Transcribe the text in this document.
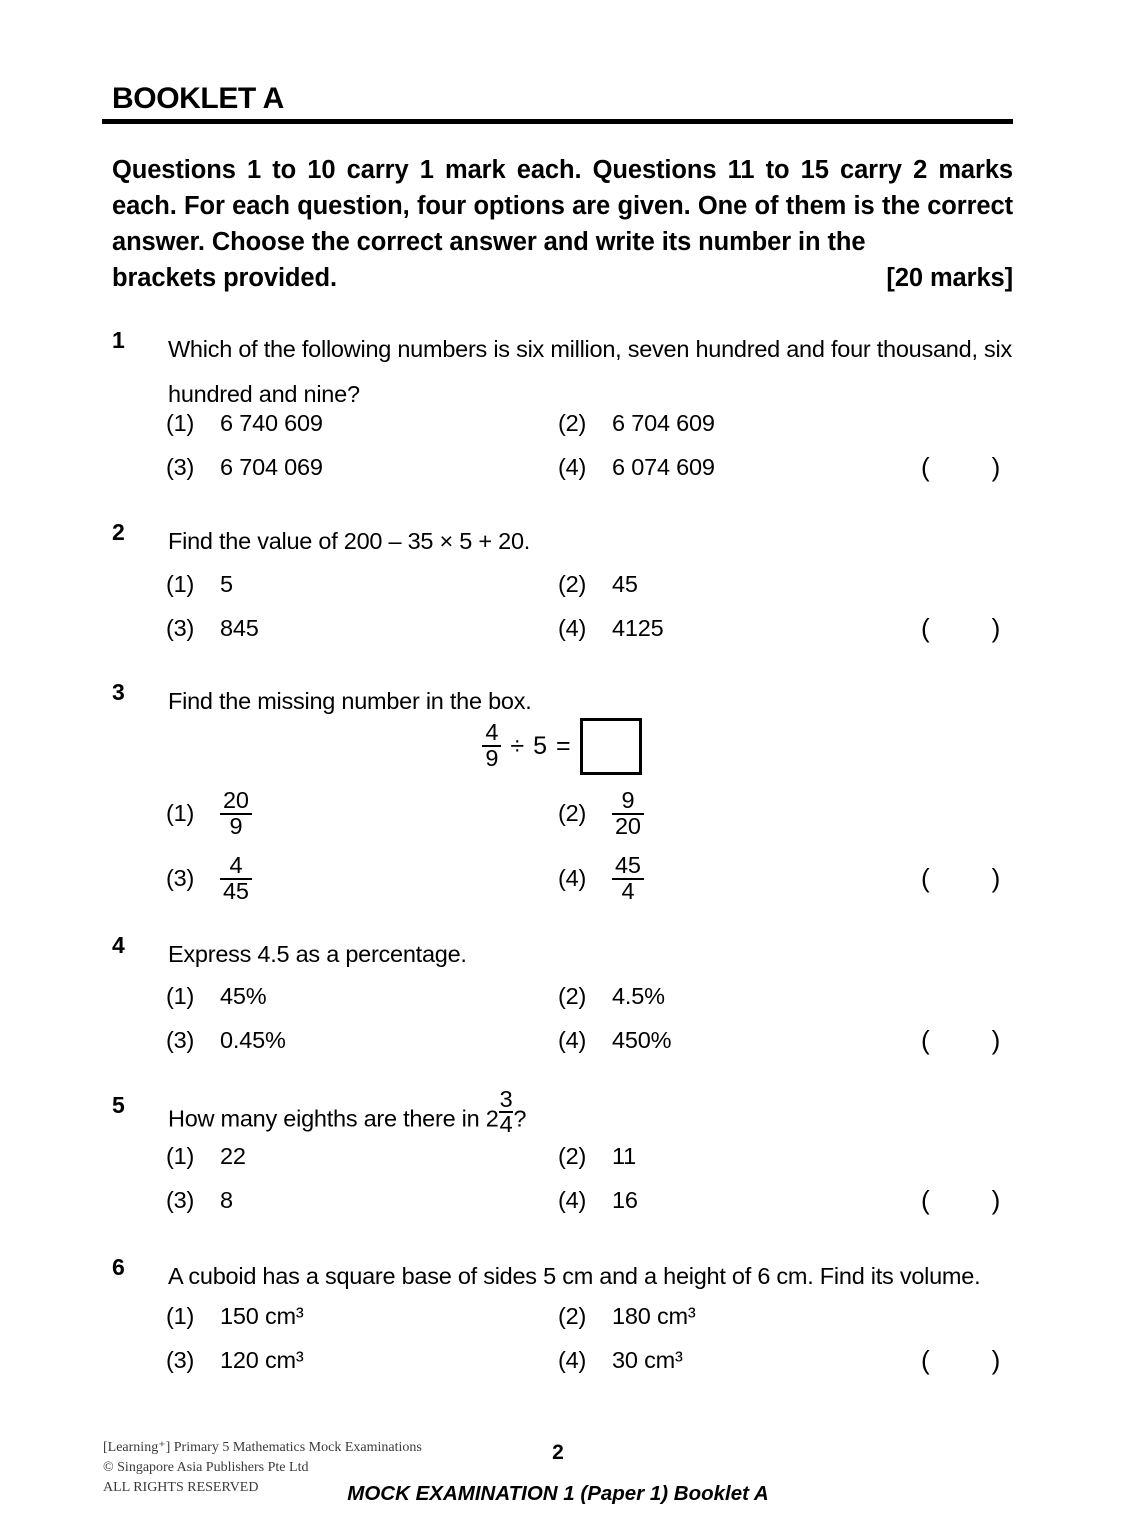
BOOKLET A
Questions 1 to 10 carry 1 mark each. Questions 11 to 15 carry 2 marks each. For each question, four options are given. One of them is the correct answer. Choose the correct answer and write its number in the
[20 marks]
brackets provided.
1	Which of the following numbers is six million, seven hundred and four thousand, six hundred and nine?
(1) 6 740 609	(2) 6 704 609
(3) 6 704 069	(4) 6 074 609	( )
2	Find the value of 200 – 35 × 5 + 20.
(1) 5	(2) 45
(3) 845	(4) 4125	( )
3	Find the missing number in the box.
$\frac{4}{9} \div 5$ =
$(1) \frac{20}{9}$	$(2) \frac{9}{20}$
$(3) \frac{4}{45}$	$(4) \frac{45}{4}$	( )
4	Express 4.5 as a percentage.
(1) 45%	(2) 4.5%
(3) 0.45%	(4) 450%	( )
5
How many eighths are there in $2 \frac{3}{4}$ ?
(1) 22	(2) 11
(3) 8	(4) 16	( )
6	A cuboid has a square base of sides 5 cm and a height of 6 cm. Find its volume.
(1) 150 cm³	(2) 180 cm³
(3) 120 cm³	(4) 30 cm³	( )
[Learning⁺] Primary 5 Mathematics Mock Examinations
© Singapore Asia Publishers Pte Ltd
ALL RIGHTS RESERVED
2
MOCK EXAMINATION 1 (Paper 1) Booklet A
